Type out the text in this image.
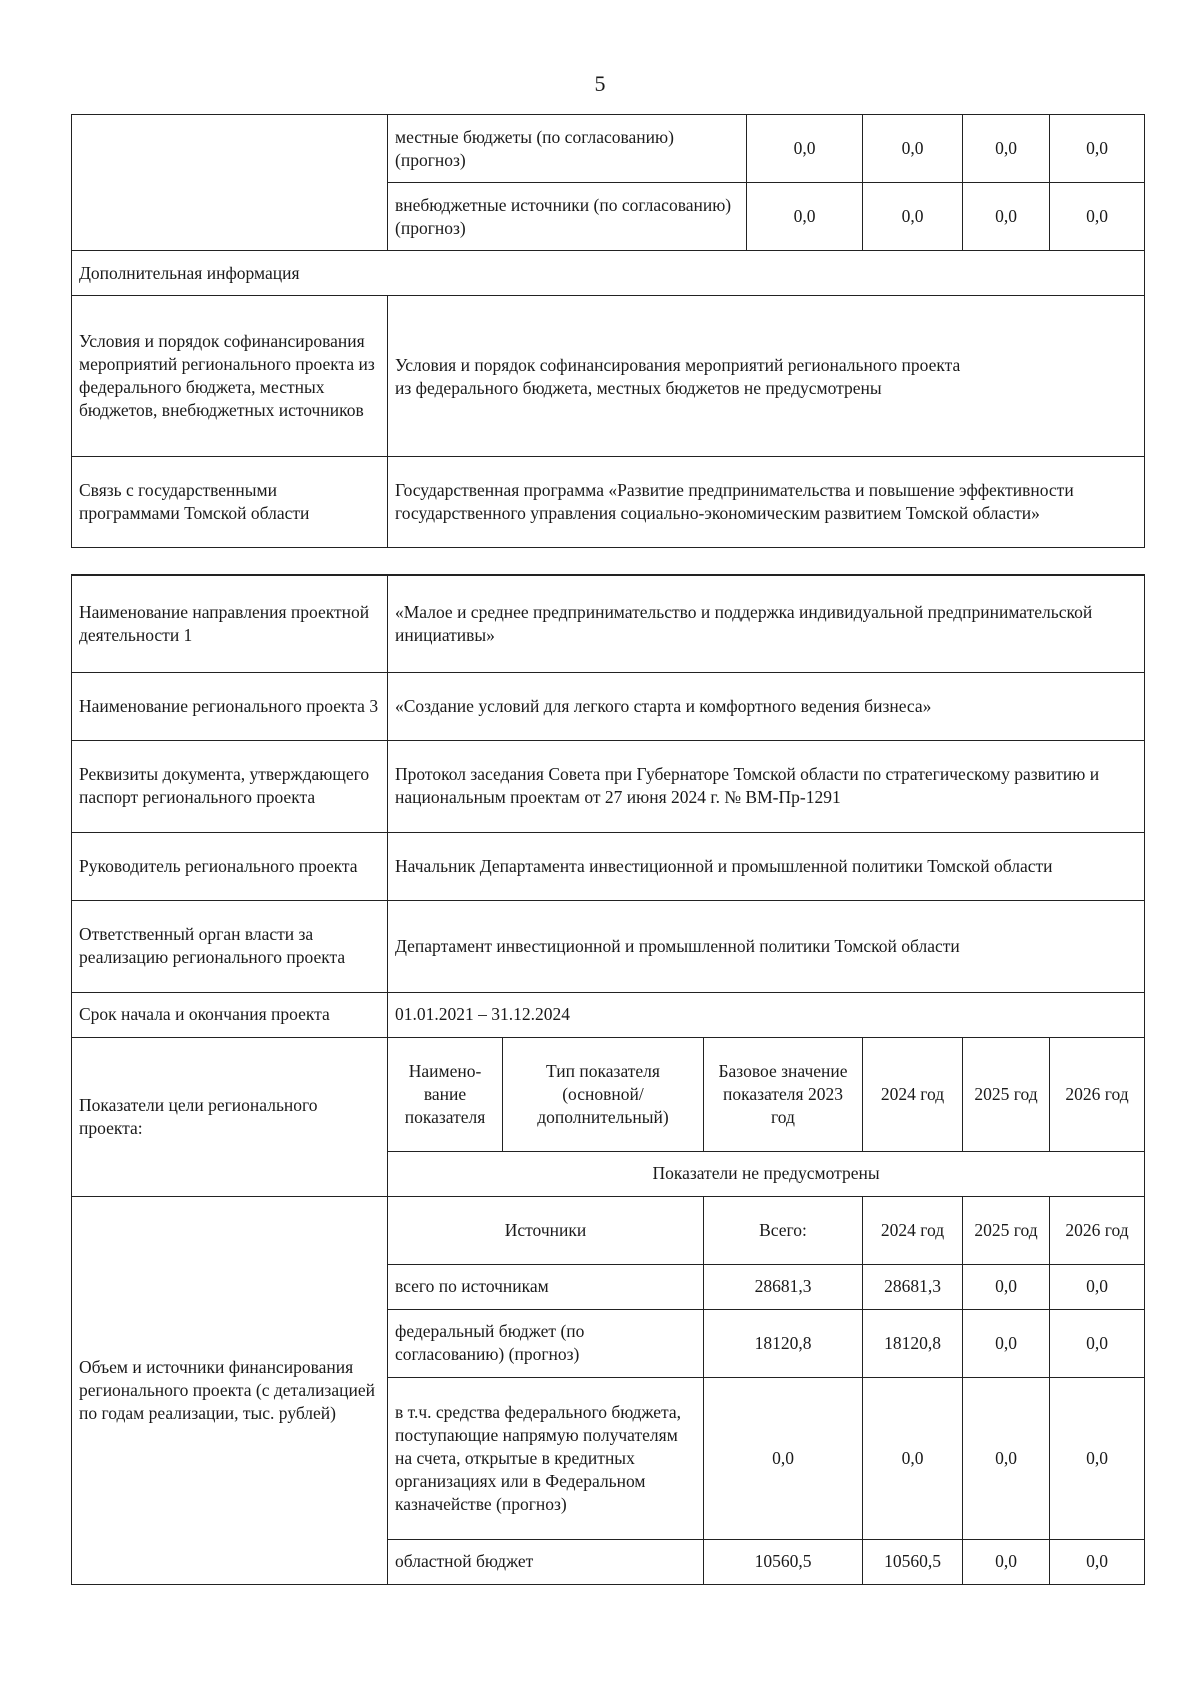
5
	местные бюджеты (по согласованию) (прогноз)	0,0	0,0	0,0	0,0
	внебюджетные источники (по согласованию) (прогноз)	0,0	0,0	0,0	0,0
Дополнительная информация					
Условия и порядок софинансирования мероприятий регионального проекта из федерального бюджета, местных бюджетов, внебюджетных источников	Условия и порядок софинансирования мероприятий регионального проекта
из федерального бюджета, местных бюджетов не предусмотрены				

Связь с государственными программами Томской области	Государственная программа «Развитие предпринимательства и повышение эффективности государственного управления социально-экономическим развитием Томской области»				
Наименование направления проектной деятельности 1	«Малое и среднее предпринимательство и поддержка индивидуальной предпринимательской инициативы»					
Наименование регионального проекта 3	«Создание условий для легкого старта и комфортного ведения бизнеса»					
Реквизиты документа, утверждающего паспорт регионального проекта	Протокол заседания Совета при Губернаторе Томской области по стратегическому развитию и национальным проектам от 27 июня 2024 г. № ВМ-Пр-1291					
Руководитель регионального проекта	Начальник Департамента инвестиционной и промышленной политики Томской области					
Ответственный орган власти за реализацию регионального проекта	Департамент инвестиционной и промышленной политики Томской области					
Срок начала и окончания проекта	01.01.2021 – 31.12.2024					
Показатели цели регионального проекта:	Наимено-вание показателя	Тип показателя (основной/ дополнительный)	Базовое значение показателя 2023 год	2024 год	2025 год	2026 год
	Показатели не предусмотрены					
Объем и источники финансирования регионального проекта (с детализацией по годам реализации, тыс. рублей)	Источники		Всего:	2024 год	2025 год	2026 год
	всего по источникам		28681,3	28681,3	0,0	0,0
	федеральный бюджет (по согласованию) (прогноз)		18120,8	18120,8	0,0	0,0
	в т.ч. средства федерального бюджета, поступающие напрямую получателям на счета, открытые в кредитных организациях или в Федеральном казначействе (прогноз)		0,0	0,0	0,0	0,0
	областной бюджет		10560,5	10560,5	0,0	0,0
